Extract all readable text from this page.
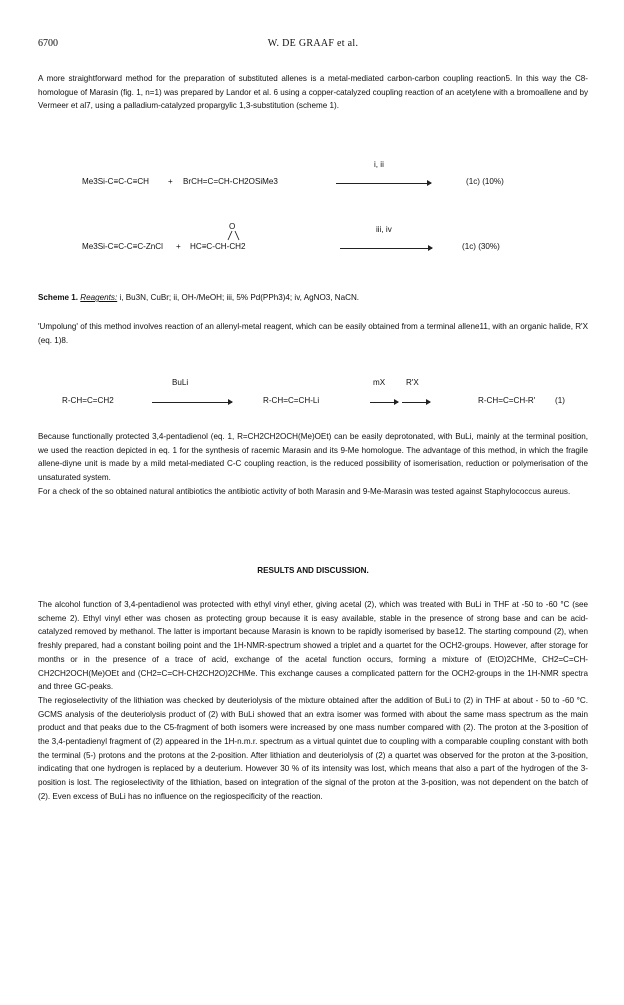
6700	W. DE GRAAF et al.

A more straightforward method for the preparation of substituted allenes is a metal-mediated carbon-carbon coupling reaction5. In this way the C8-homologue of Marasin (fig. 1, n=1) was prepared by Landor et al. 6 using a copper-catalyzed coupling reaction of an acetylene with a bromoallene and by Vermeer et al7, using a palladium-catalyzed propargylic 1,3-substitution (scheme 1).

Me3Si-C≡C-C≡CH + BrCH=C=CH-CH2OSiMe3
i, ii
(1c) (10%)
Me3Si-C≡C-C≡C-ZnCl + HC≡C-CH-CH2
O	iii, iv
(1c) (30%)
Scheme 1. Reagents: i, Bu3N, CuBr; ii, OH-/MeOH; iii, 5% Pd(PPh3)4; iv, AgNO3, NaCN.

'Umpolung' of this method involves reaction of an allenyl-metal reagent, which can be easily obtained from a terminal allene11, with an organic halide, R'X (eq. 1)8.

R-CH=C=CH2
BuLi
R-CH=C=CH-Li
mX	R'X
R-CH=C=CH-R' (1)

Because functionally protected 3,4-pentadienol (eq. 1, R=CH2CH2OCH(Me)OEt) can be easily deprotonated, with BuLi, mainly at the terminal position, we used the reaction depicted in eq. 1 for the synthesis of racemic Marasin and its 9-Me homologue. The advantage of this method, in which the fragile allene-diyne unit is made by a mild metal-mediated C-C coupling reaction, is the reduced possibility of isomerisation, reduction or polymerisation of the unsaturated system.

For a check of the so obtained natural antibiotics the antibiotic activity of both Marasin and 9-Me-Marasin was tested against Staphylococcus aureus.

RESULTS AND DISCUSSION.

The alcohol function of 3,4-pentadienol was protected with ethyl vinyl ether, giving acetal (2), which was treated with BuLi in THF at -50 to -60 °C (see scheme 2). Ethyl vinyl ether was chosen as protecting group because it is easy available, stable in the presence of strong base and can be acid-catalyzed removed by methanol. The latter is important because Marasin is known to be rapidly isomerised by base12. The starting compound (2), when freshly prepared, had a constant boiling point and the 1H-NMR-spectrum showed a triplet and a quartet for the OCH2-groups. However, after storage for months or in the presence of a trace of acid, exchange of the acetal function occurs, forming a mixture of (EtO)2CHMe, CH2=C=CH-CH2CH2OCH(Me)OEt and (CH2=C=CH-CH2CH2O)2CHMe. This exchange causes a complicated pattern for the OCH2-groups in the 1H-NMR spectra and three GC-peaks.

The regioselectivity of the lithiation was checked by deuteriolysis of the mixture obtained after the addition of BuLi to (2) in THF at about - 50 to -60 °C. GCMS analysis of the deuteriolysis product of (2) with BuLi showed that an extra isomer was formed with about the same mass spectrum as the main product and that peaks due to the C5-fragment of both isomers were increased by one mass number compared with (2). The proton at the 3-position of the 3,4-pentadienyl fragment of (2) appeared in the 1H-n.m.r. spectrum as a virtual quintet due to coupling with a comparable coupling constant with both the terminal (5-) protons and the protons at the 2-position. After lithiation and deuteriolysis of (2) a quartet was observed for the proton at the 3-position, indicating that one hydrogen is replaced by a deuterium. However 30 % of its intensity was lost, which means that also a part of the hydrogen of the 3-position is lost. The regioselectivity of the lithiation, based on integration of the signal of the proton at the 3-position, was not dependent on the batch of (2). Even excess of BuLi has no influence on the regiospecificity of the reaction.
